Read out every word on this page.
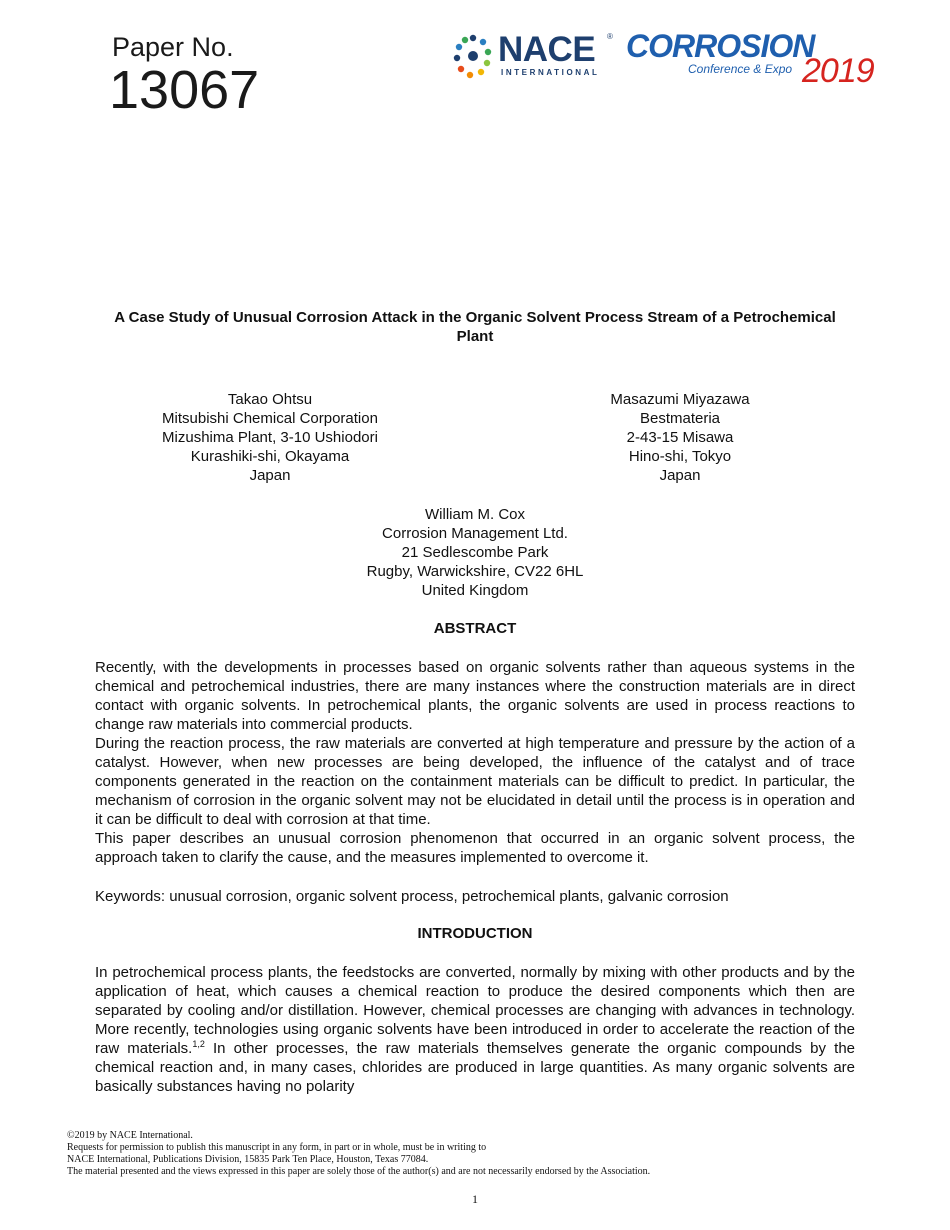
Paper No.
13067
NACE ®
INTERNATIONAL
CORROSION
Conference & Expo 2019
A Case Study of Unusual Corrosion Attack in the Organic Solvent Process Stream of a Petrochemical Plant
Takao Ohtsu
Mitsubishi Chemical Corporation
Mizushima Plant, 3-10 Ushiodori
Kurashiki-shi, Okayama
Japan
Masazumi Miyazawa
Bestmateria
2-43-15 Misawa
Hino-shi, Tokyo
Japan
William M. Cox
Corrosion Management Ltd.
21 Sedlescombe Park
Rugby, Warwickshire, CV22 6HL
United Kingdom
ABSTRACT
Recently, with the developments in processes based on organic solvents rather than aqueous systems in the chemical and petrochemical industries, there are many instances where the construction materials are in direct contact with organic solvents. In petrochemical plants, the organic solvents are used in process reactions to change raw materials into commercial products.
During the reaction process, the raw materials are converted at high temperature and pressure by the action of a catalyst. However, when new processes are being developed, the influence of the catalyst and of trace components generated in the reaction on the containment materials can be difficult to predict. In particular, the mechanism of corrosion in the organic solvent may not be elucidated in detail until the process is in operation and it can be difficult to deal with corrosion at that time.
This paper describes an unusual corrosion phenomenon that occurred in an organic solvent process, the approach taken to clarify the cause, and the measures implemented to overcome it.
Keywords: unusual corrosion, organic solvent process, petrochemical plants, galvanic corrosion
INTRODUCTION

In petrochemical process plants, the feedstocks are converted, normally by mixing with other products and by the application of heat, which causes a chemical reaction to produce the desired components which then are separated by cooling and/or distillation. However, chemical processes are changing with advances in technology. More recently, technologies using organic solvents have been introduced in order to accelerate the reaction of the raw materials.$^{1,2}$ In other processes, the raw materials themselves generate the organic compounds by the chemical reaction and, in many cases, chlorides are produced in large quantities. As many organic solvents are basically substances having no polarity

©2019 by NACE International.
Requests for permission to publish this manuscript in any form, in part or in whole, must be in writing to
NACE International, Publications Division, 15835 Park Ten Place, Houston, Texas 77084.
The material presented and the views expressed in this paper are solely those of the author(s) and are not necessarily endorsed by the Association.
1
